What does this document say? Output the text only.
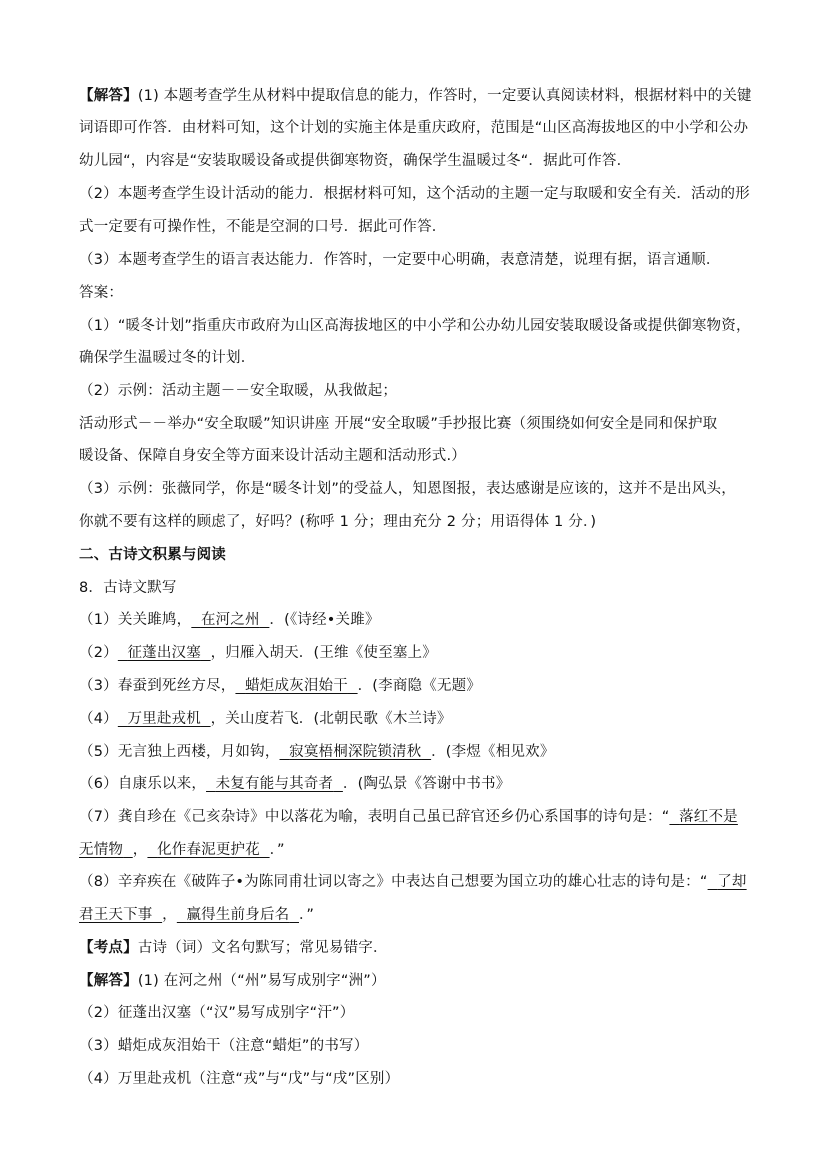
【解答】(1) 本题考查学生从材料中提取信息的能力，作答时，一定要认真阅读材料，根据材料中的关键
词语即可作答．由材料可知，这个计划的实施主体是重庆政府，范围是“山区高海拔地区的中小学和公办
幼儿园“，内容是“安装取暖设备或提供御寒物资，确保学生温暖过冬“．据此可作答．
（2）本题考查学生设计活动的能力．根据材料可知，这个活动的主题一定与取暖和安全有关．活动的形
式一定要有可操作性，不能是空洞的口号．据此可作答．
（3）本题考查学生的语言表达能力．作答时，一定要中心明确，表意清楚，说理有据，语言通顺．
答案：
（1）“暖冬计划”指重庆市政府为山区高海拔地区的中小学和公办幼儿园安装取暖设备或提供御寒物资，
确保学生温暖过冬的计划．
（2）示例：活动主题－－安全取暖，从我做起；
活动形式－－举办“安全取暖”知识讲座 开展“安全取暖”手抄报比赛（须围绕如何安全是同和保护取
暖设备、保障自身安全等方面来设计活动主题和活动形式.）
（3）示例：张薇同学，你是“暖冬计划”的受益人，知恩图报，表达感谢是应该的，这并不是出风头，
你就不要有这样的顾虑了，好吗？(称呼 1 分；理由充分 2 分；用语得体 1 分．)
二、古诗文积累与阅读
8．古诗文默写
（1）关关雎鸠， 在河之州 ．(《诗经•关雎》
（2） 征蓬出汉塞 ，归雁入胡天．(王维《使至塞上》
（3）春蚕到死丝方尽， 蜡炬成灰泪始干 ．(李商隐《无题》
（4） 万里赴戎机 ，关山度若飞．(北朝民歌《木兰诗》
（5）无言独上西楼，月如钩， 寂寞梧桐深院锁清秋 ．(李煜《相见欢》
（6）自康乐以来， 未复有能与其奇者 ．(陶弘景《答谢中书书》
（7）龚自珍在《己亥杂诗》中以落花为喻，表明自己虽已辞官还乡仍心系国事的诗句是：“ 落红不是
无情物 ， 化作春泥更护花 ．”
（8）辛弃疾在《破阵子•为陈同甫壮词以寄之》中表达自己想要为国立功的雄心壮志的诗句是：“ 了却
君王天下事 ， 赢得生前身后名 ．”
【考点】古诗（词）文名句默写；常见易错字．
【解答】(1) 在河之州（“州”易写成别字“洲”）
（2）征蓬出汉塞（“汉”易写成别字“汗”）
（3）蜡炬成灰泪始干（注意“蜡炬”的书写）
（4）万里赴戎机（注意“戎”与“戊”与“戌”区别）
